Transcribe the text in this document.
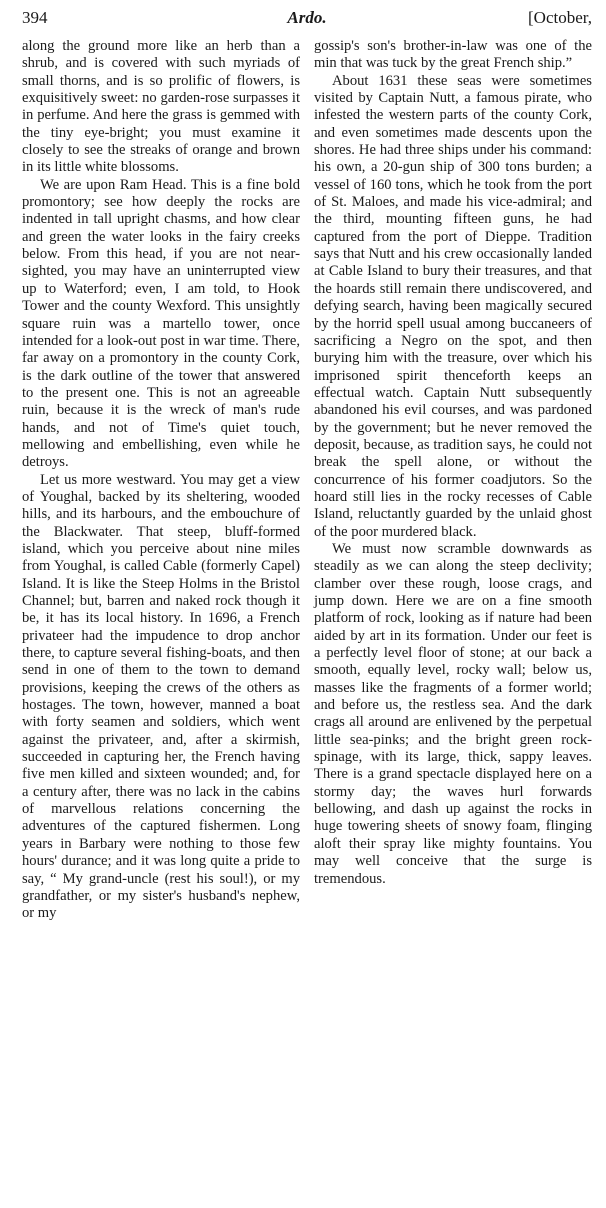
394	Ardo.	[October,

along the ground more like an herb than a shrub, and is covered with such myriads of small thorns, and is so prolific of flowers, is exquisitively sweet: no garden-rose surpasses it in perfume. And here the grass is gemmed with the tiny eye-bright; you must examine it closely to see the streaks of orange and brown in its little white blossoms.

We are upon Ram Head. This is a fine bold promontory; see how deeply the rocks are indented in tall upright chasms, and how clear and green the water looks in the fairy creeks below. From this head, if you are not near-sighted, you may have an uninterrupted view up to Waterford; even, I am told, to Hook Tower and the county Wexford. This unsightly square ruin was a martello tower, once intended for a look-out post in war time. There, far away on a promontory in the county Cork, is the dark outline of the tower that answered to the present one. This is not an agreeable ruin, because it is the wreck of man's rude hands, and not of Time's quiet touch, mellowing and embellishing, even while he detroys.

Let us more westward. You may get a view of Youghal, backed by its sheltering, wooded hills, and its harbours, and the embouchure of the Blackwater. That steep, bluff-formed island, which you perceive about nine miles from Youghal, is called Cable (formerly Capel) Island. It is like the Steep Holms in the Bristol Channel; but, barren and naked rock though it be, it has its local history. In 1696, a French privateer had the impudence to drop anchor there, to capture several fishing-boats, and then send in one of them to the town to demand provisions, keeping the crews of the others as hostages. The town, however, manned a boat with forty seamen and soldiers, which went against the privateer, and, after a skirmish, succeeded in capturing her, the French having five men killed and sixteen wounded; and, for a century after, there was no lack in the cabins of marvellous relations concerning the adventures of the captured fishermen. Long years in Barbary were nothing to those few hours' durance; and it was long quite a pride to say, “ My grand-uncle (rest his soul!), or my grandfather, or my sister's husband's nephew, or my

gossip's son's brother-in-law was one of the min that was tuck by the great French ship.”

About 1631 these seas were sometimes visited by Captain Nutt, a famous pirate, who infested the western parts of the county Cork, and even sometimes made descents upon the shores. He had three ships under his command: his own, a 20-gun ship of 300 tons burden; a vessel of 160 tons, which he took from the port of St. Maloes, and made his vice-admiral; and the third, mounting fifteen guns, he had captured from the port of Dieppe. Tradition says that Nutt and his crew occasionally landed at Cable Island to bury their treasures, and that the hoards still remain there undiscovered, and defying search, having been magically secured by the horrid spell usual among buccaneers of sacrificing a Negro on the spot, and then burying him with the treasure, over which his imprisoned spirit thenceforth keeps an effectual watch. Captain Nutt subsequently abandoned his evil courses, and was pardoned by the government; but he never removed the deposit, because, as tradition says, he could not break the spell alone, or without the concurrence of his former coadjutors. So the hoard still lies in the rocky recesses of Cable Island, reluctantly guarded by the unlaid ghost of the poor murdered black.

We must now scramble downwards as steadily as we can along the steep declivity; clamber over these rough, loose crags, and jump down. Here we are on a fine smooth platform of rock, looking as if nature had been aided by art in its formation. Under our feet is a perfectly level floor of stone; at our back a smooth, equally level, rocky wall; below us, masses like the fragments of a former world; and before us, the restless sea. And the dark crags all around are enlivened by the perpetual little sea-pinks; and the bright green rock-spinage, with its large, thick, sappy leaves. There is a grand spectacle displayed here on a stormy day; the waves hurl forwards bellowing, and dash up against the rocks in huge towering sheets of snowy foam, flinging aloft their spray like mighty fountains. You may well conceive that the surge is tremendous.
